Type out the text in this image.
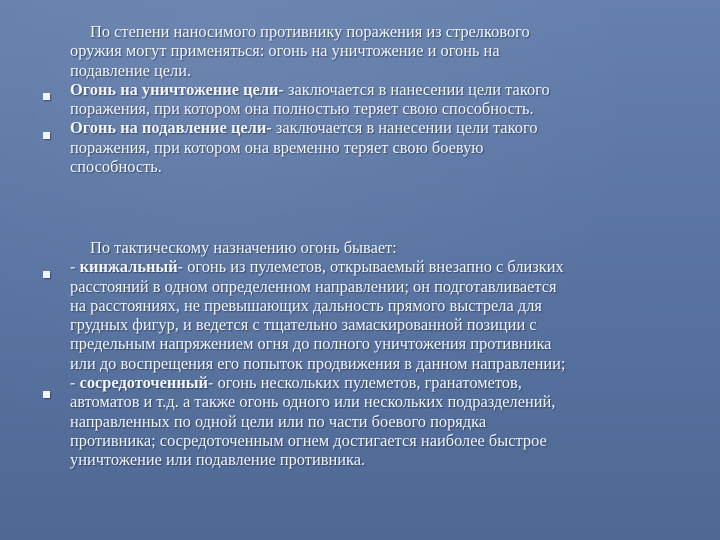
По степени наносимого противнику поражения из стрелкового
оружия могут применяться: огонь на уничтожение и огонь на
подавление цели.
Огонь на уничтожение цели- заключается в нанесении цели такого
поражения, при котором она полностью теряет свою способность.
Огонь на подавление цели- заключается в нанесении цели такого
поражения, при котором она временно теряет свою боевую
способность.
По тактическому назначению огонь бывает:
- кинжальный- огонь из пулеметов, открываемый внезапно с близких
расстояний в одном определенном направлении; он подготавливается
на расстояниях, не превышающих дальность прямого выстрела для
грудных фигур, и ведется с тщательно замаскированной позиции с
предельным напряжением огня до полного уничтожения противника
или до воспрещения его попыток продвижения в данном направлении;
- сосредоточенный- огонь нескольких пулеметов, гранатометов,
автоматов и т.д. а также огонь одного или нескольких подразделений,
направленных по одной цели или по части боевого порядка
противника; сосредоточенным огнем достигается наиболее быстрое
уничтожение или подавление противника.
